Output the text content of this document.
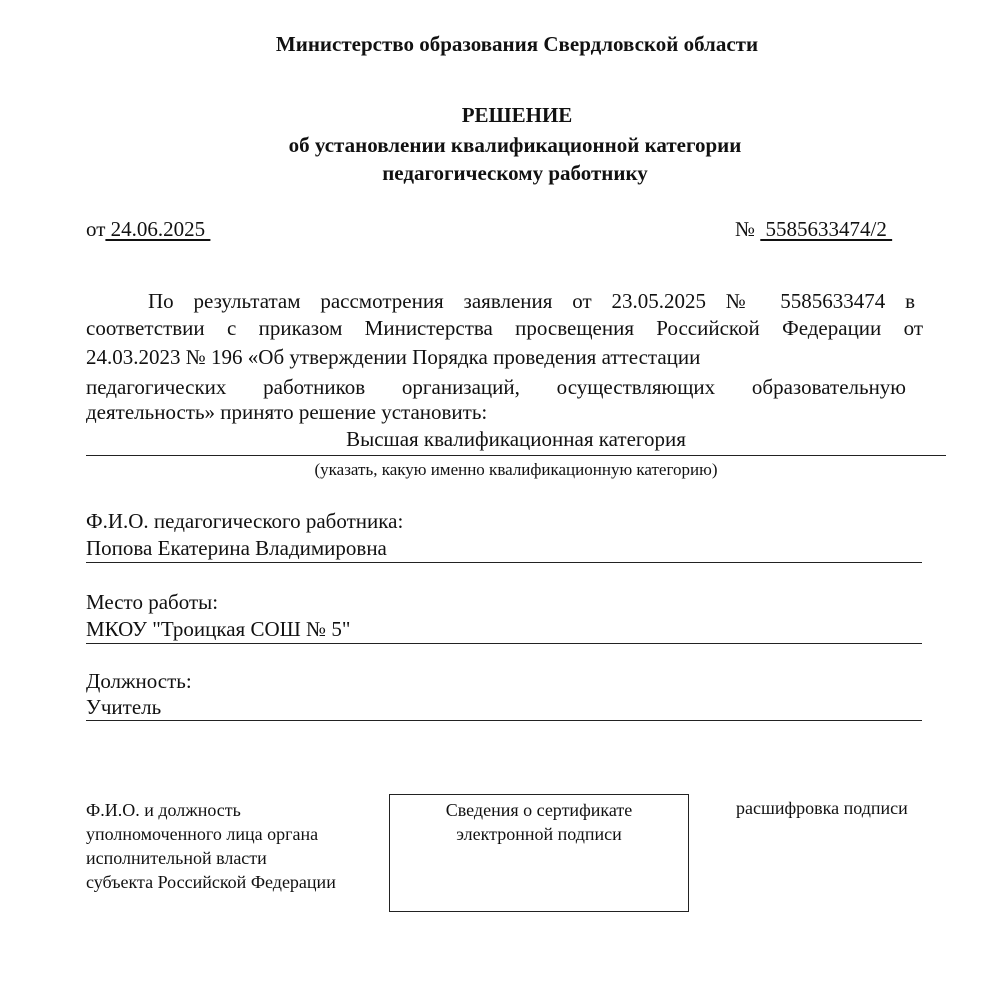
Министерство образования Свердловской области
РЕШЕНИЕ
об установлении квалификационной категории
педагогическому работнику
от 24.06.2025	№  5585633474/2
По результатам рассмотрения заявления от 23.05.2025 № 5585633474 в
соответствии с приказом Министерства просвещения Российской Федерации от
24.03.2023 № 196 «Об утверждении Порядка проведения аттестации
педагогических работников организаций, осуществляющих образовательную
деятельность» принято решение установить:
Высшая квалификационная категория
(указать, какую именно квалификационную категорию)
Ф.И.О. педагогического работника:
Попова Екатерина Владимировна
Место работы:
МКОУ "Троицкая СОШ № 5"
Должность:
Учитель
Ф.И.О. и должность
уполномоченного лица органа
исполнительной власти
субъекта Российской Федерации
Сведения о сертификате
электронной подписи
расшифровка подписи
